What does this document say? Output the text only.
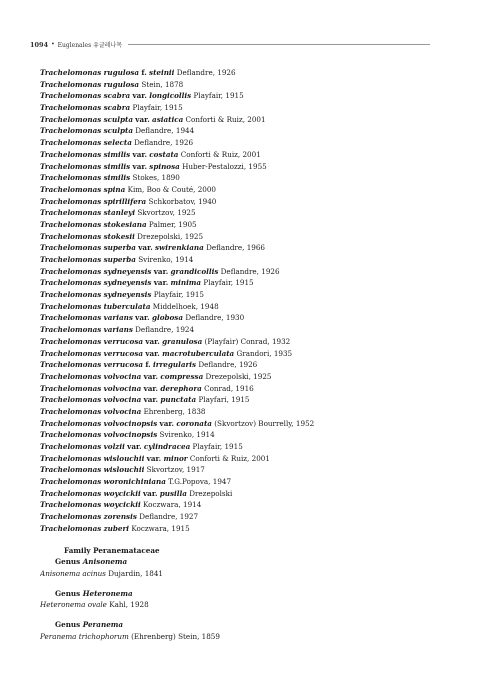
1094 • Euglenales 유글레나목
Trachelomonas rugulosa f. steinii Deflandre, 1926
Trachelomonas rugulosa Stein, 1878
Trachelomonas scabra var. longicollis Playfair, 1915
Trachelomonas scabra Playfair, 1915
Trachelomonas sculpta var. asiatica Conforti & Ruiz, 2001
Trachelomonas sculpta Deflandre, 1944
Trachelomonas selecta Deflandre, 1926
Trachelomonas similis var. costata Conforti & Ruiz, 2001
Trachelomonas similis var. spinosa Huber-Pestalozzi, 1955
Trachelomonas similis Stokes, 1890
Trachelomonas spina Kim, Boo & Couté, 2000
Trachelomonas spirillifera Schkorbatov, 1940
Trachelomonas stanleyi Skvortzov, 1925
Trachelomonas stokesiana Palmer, 1905
Trachelomonas stokesii Drezepolski, 1925
Trachelomonas superba var. swirenkiana Deflandre, 1966
Trachelomonas superba Svirenko, 1914
Trachelomonas sydneyensis var. grandicollis Deflandre, 1926
Trachelomonas sydneyensis var. minima Playfair, 1915
Trachelomonas sydneyensis Playfair, 1915
Trachelomonas tuberculata Middelhoek, 1948
Trachelomonas varians var. globosa Deflandre, 1930
Trachelomonas varians Deflandre, 1924
Trachelomonas verrucosa var. granulosa (Playfair) Conrad, 1932
Trachelomonas verrucosa var. macrotuberculata Grandori, 1935
Trachelomonas verrucosa f. irregularis Deflandre, 1926
Trachelomonas volvocina var. compressa Drezepolski, 1925
Trachelomonas volvocina var. derephora Conrad, 1916
Trachelomonas volvocina var. punctata Playfari, 1915
Trachelomonas volvocina Ehrenberg, 1838
Trachelomonas volvocinopsis var. coronata (Skvortzov) Bourrelly, 1952
Trachelomonas volvocinopsis Svirenko, 1914
Trachelomonas volzii var. cylindracea Playfair, 1915
Trachelomonas wislouchii var. minor Conforti & Ruiz, 2001
Trachelomonas wislouchii Skvortzov, 1917
Trachelomonas woronichiniana T.G.Popova, 1947
Trachelomonas woycickii var. pusilla Drezepolski
Trachelomonas woycickii Koczwara, 1914
Trachelomonas zorensis Deflandre, 1927
Trachelomonas zuberi Koczwara, 1915
Family Peranemataceae
Genus Anisonema
Anisonema acinus Dujardin, 1841
Genus Heteronema
Heteronema ovale Kahl, 1928
Genus Peranema
Peranema trichophorum (Ehrenberg) Stein, 1859
